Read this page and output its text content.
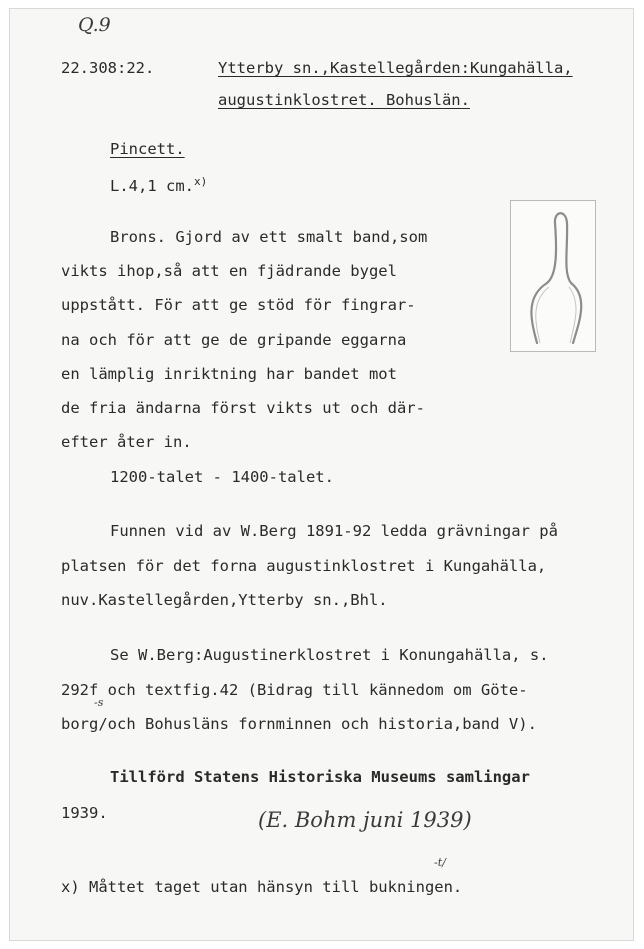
Q.9
22.308:22.	Ytterby sn.,Kastellegården:Kungahälla,
augustinklostret. Bohuslän.
Pincett.
L.4,1 cm.$^{x)}$
Brons. Gjord av ett smalt band,som
vikts ihop,så att en fjädrande bygel
uppstått. För att ge stöd för fingrar-
na och för att ge de gripande eggarna
en lämplig inriktning har bandet mot
de fria ändarna först vikts ut och där-
efter åter in.
1200-talet - 1400-talet.
Funnen vid av W.Berg 1891-92 ledda grävningar på
platsen för det forna augustinklostret i Kungahälla,
nuv.Kastellegården,Ytterby sn.,Bhl.
Se W.Berg:Augustinerklostret i Konungahälla, s.
292f och textfig.42 (Bidrag till kännedom om Göte-
-s
borg/och Bohusläns fornminnen och historia,band V).
Tillförd Statens Historiska Museums samlingar
1939.	(E. Bohm juni 1939)
-t/
x) Måttet taget utan hänsyn till bukningen.
